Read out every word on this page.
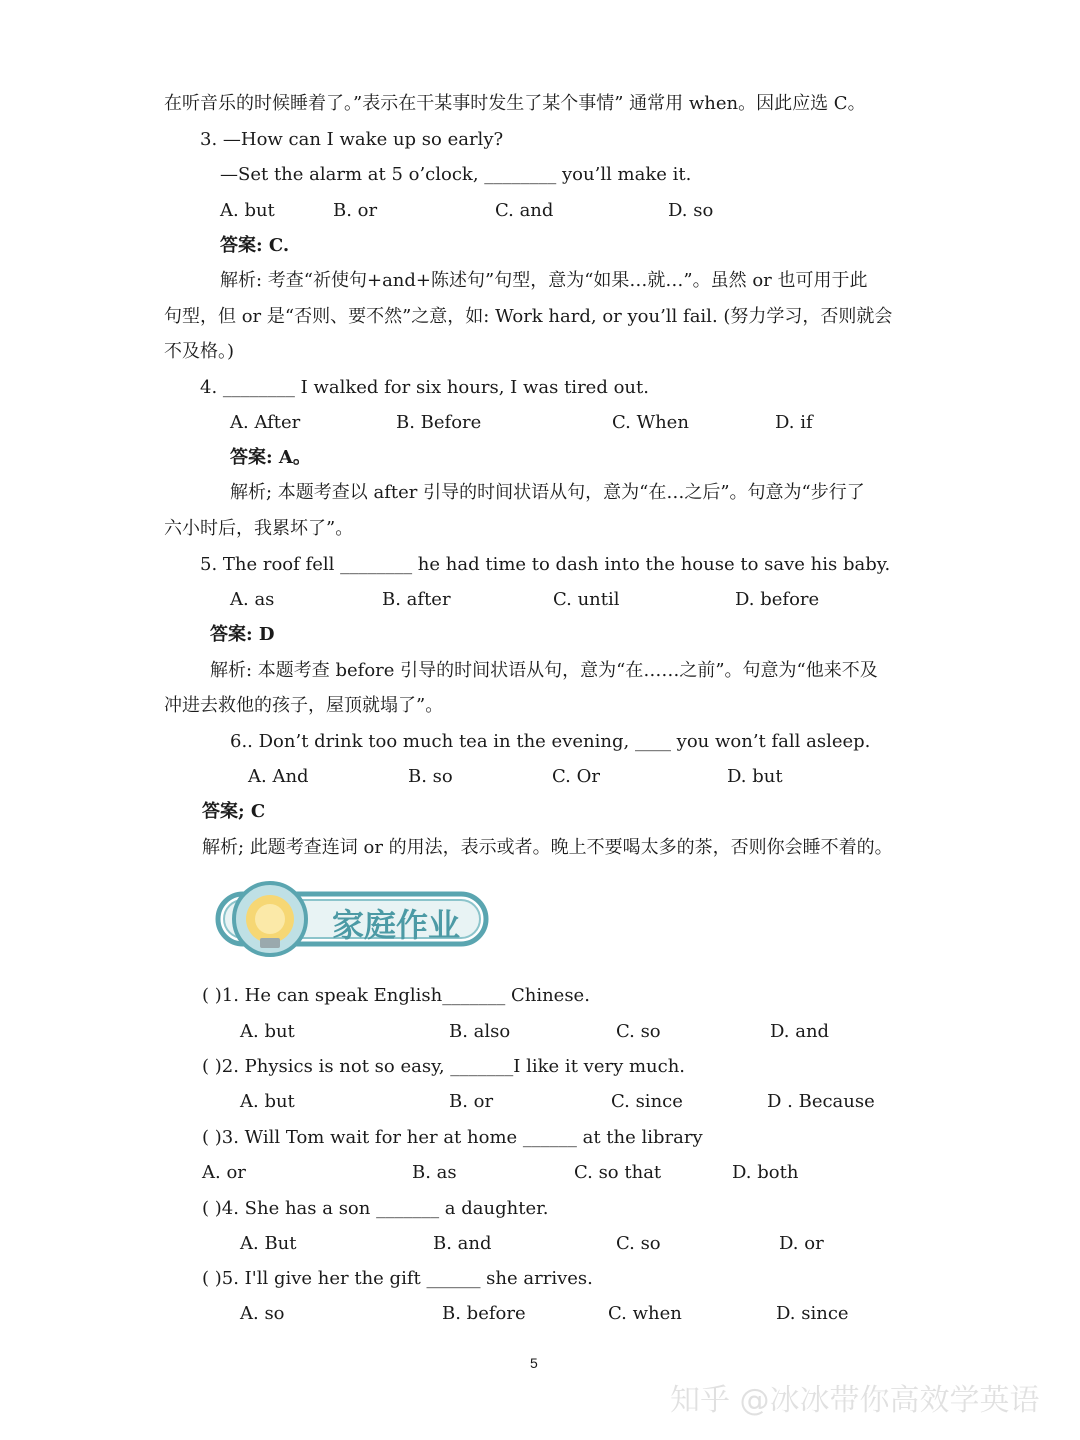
在听音乐的时候睡着了。”表示在干某事时发生了某个事情” 通常用 when。因此应选 C。
3. —How can I wake up so early?
—Set the alarm at 5 o’clock, ________ you’ll make it.
答案: C.
解析: 考查“祈使句+and+陈述句”句型，意为“如果…就…”。虽然 or 也可用于此
句型，但 or 是“否则、要不然”之意，如: Work hard, or you’ll fail. (努力学习，否则就会
不及格。)
4. ________ I walked for six hours, I was tired out.
答案: A。
解析; 本题考查以 after 引导的时间状语从句，意为“在…之后”。句意为“步行了
六小时后，我累坏了”。
5. The roof fell ________ he had time to dash into the house to save his baby.
答案: D
解析: 本题考查 before 引导的时间状语从句，意为“在……之前”。句意为“他来不及
冲进去救他的孩子，屋顶就塌了”。
6.. Don’t drink too much tea in the evening, ____ you won’t fall asleep.
答案; C
解析; 此题考查连词 or 的用法，表示或者。晚上不要喝太多的茶，否则你会睡不着的。
( )1. He can speak English_______ Chinese.
( )2. Physics is not so easy, _______I like it very much.
( )3. Will Tom wait for her at home ______ at the library
( )4. She has a son _______ a daughter.
( )5. I'll give her the gift ______ she arrives.
A. but	B. or	C. and	D. so
A. After	B. Before	C. When	D. if
A. as	B. after	C. until	D. before
A. And	B. so	C. Or	D. but
A. but	B. also	C. so	D. and
A. but	B. or	C. since	D . Because
A. or	B. as	C. so that	D. both
A. But	B. and	C. so	D. or
A. so	B. before	C. when	D. since
家庭作业
5
知乎 @冰冰带你高效学英语
